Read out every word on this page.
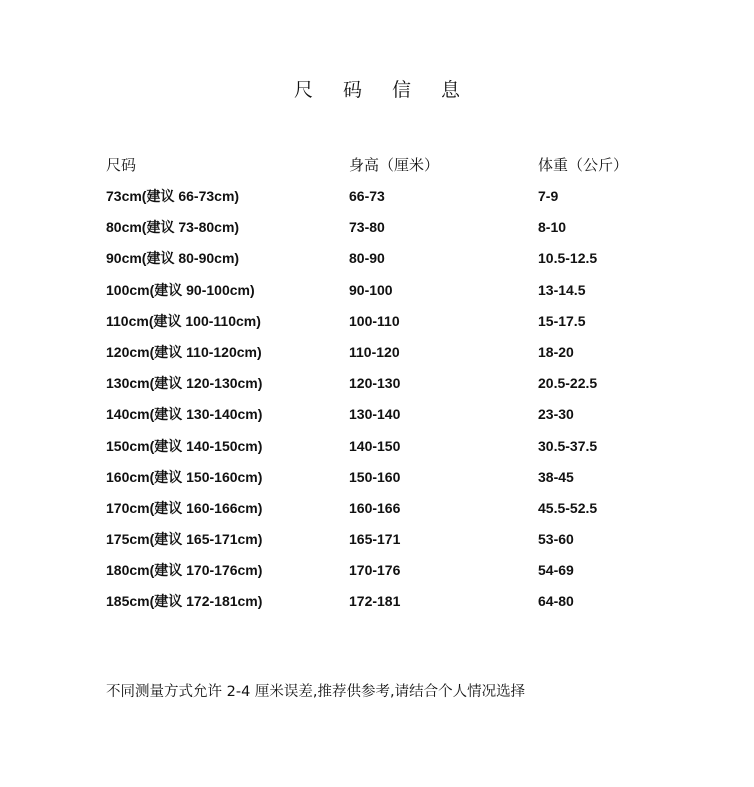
尺 码 信 息
尺码	身高（厘米）	体重（公斤）
73cm(建议 66-73cm)	66-73	7-9
80cm(建议 73-80cm)	73-80	8-10
90cm(建议 80-90cm)	80-90	10.5-12.5
100cm(建议 90-100cm)	90-100	13-14.5
110cm(建议 100-110cm)	100-110	15-17.5
120cm(建议 110-120cm)	110-120	18-20
130cm(建议 120-130cm)	120-130	20.5-22.5
140cm(建议 130-140cm)	130-140	23-30
150cm(建议 140-150cm)	140-150	30.5-37.5
160cm(建议 150-160cm)	150-160	38-45
170cm(建议 160-166cm)	160-166	45.5-52.5
175cm(建议 165-171cm)	165-171	53-60
180cm(建议 170-176cm)	170-176	54-69
185cm(建议 172-181cm)	172-181	64-80
不同测量方式允许 2-4 厘米误差,推荐供参考,请结合个人情况选择
